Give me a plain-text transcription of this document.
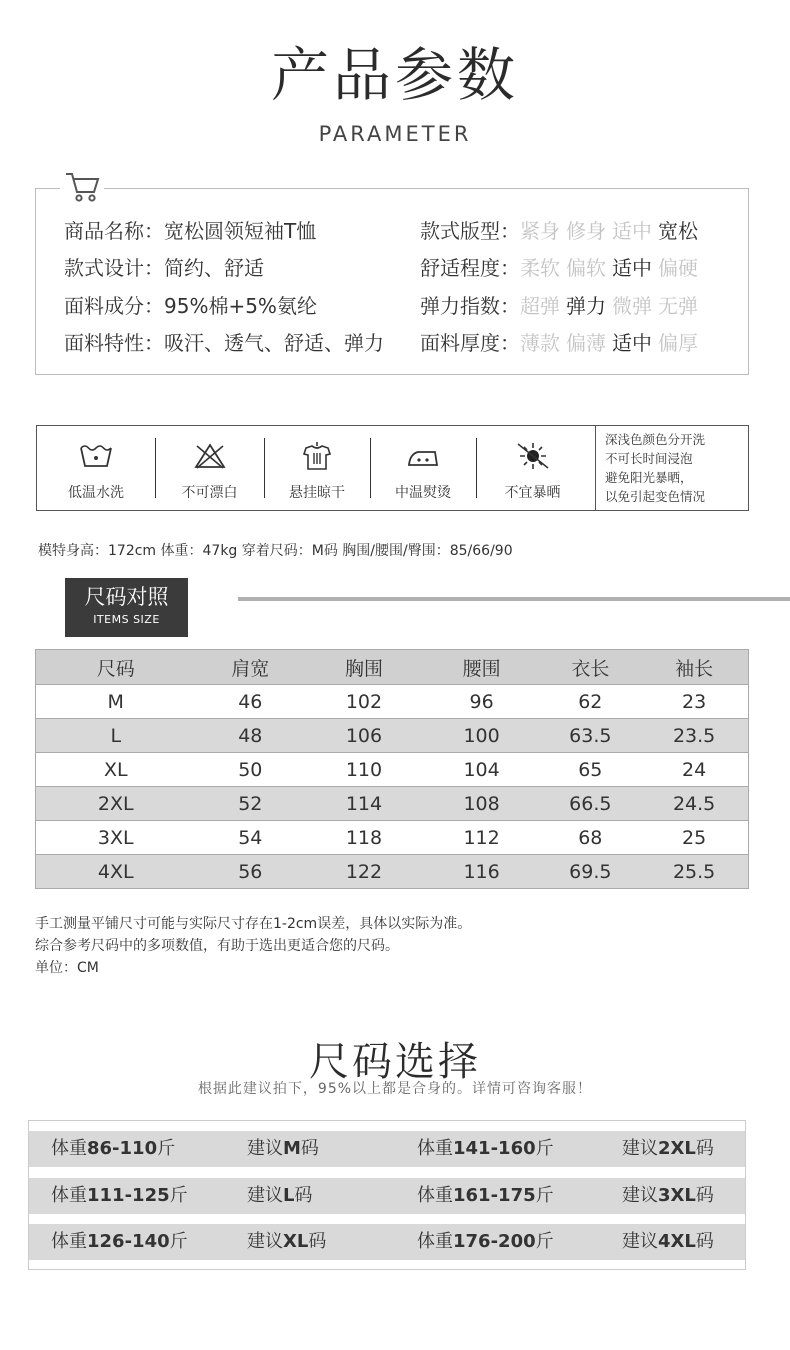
产品参数
PARAMETER
商品名称：宽松圆领短袖T恤
款式设计：简约、舒适
面料成分：95%棉+5%氨纶
面料特性：吸汗、透气、舒适、弹力
款式版型：紧身 修身 适中 宽松
舒适程度：柔软 偏软 适中 偏硬
弹力指数：超弹 弹力 微弹 无弹
面料厚度：薄款 偏薄 适中 偏厚
低温水洗	不可漂白	悬挂晾干	中温熨烫	不宜暴晒
深浅色颜色分开洗
不可长时间浸泡
避免阳光暴晒，
以免引起变色情况
模特身高：172cm 体重：47kg 穿着尺码：M码 胸围/腰围/臀围：85/66/90
尺码对照
ITEMS SIZE
尺码	肩宽	胸围	腰围	衣长	袖长
M	46	102	96	62	23
L	48	106	100	63.5	23.5
XL	50	110	104	65	24
2XL	52	114	108	66.5	24.5
3XL	54	118	112	68	25
4XL	56	122	116	69.5	25.5
手工测量平铺尺寸可能与实际尺寸存在1-2cm误差，具体以实际为准。
综合参考尺码中的多项数值，有助于选出更适合您的尺码。
单位：CM
尺码选择
根据此建议拍下，95%以上都是合身的。详情可咨询客服！
体重86-110斤	建议M码	体重141-160斤	建议2XL码
体重111-125斤	建议L码	体重161-175斤	建议3XL码
体重126-140斤	建议XL码	体重176-200斤	建议4XL码
